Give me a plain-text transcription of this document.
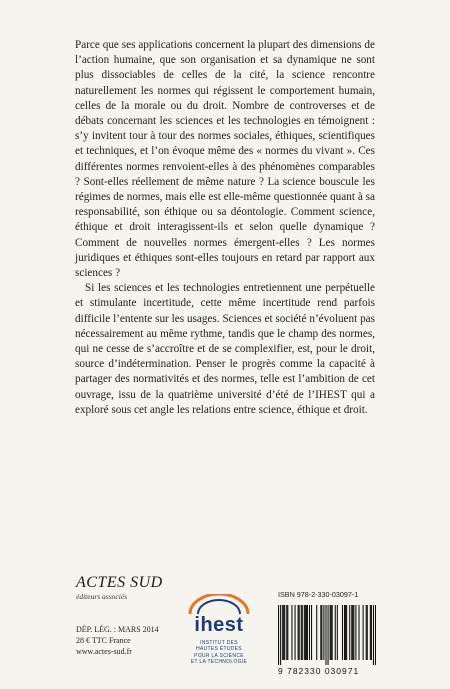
Parce que ses applications concernent la plupart des dimensions de l’action humaine, que son organisation et sa dynamique ne sont plus dissociables de celles de la cité, la science rencontre naturellement les normes qui régissent le comportement humain, celles de la morale ou du droit. Nombre de controverses et de débats concernant les sciences et les technologies en témoignent : s’y invitent tour à tour des normes sociales, éthiques, scientifiques et techniques, et l’on évoque même des « normes du vivant ». Ces différentes normes renvoient-elles à des phénomènes comparables ? Sont-elles réellement de même nature ? La science bouscule les régimes de normes, mais elle est elle-même questionnée quant à sa responsabilité, son éthique ou sa déontologie. Comment science, éthique et droit interagissent-ils et selon quelle dynamique ? Comment de nouvelles normes émergent-elles ? Les normes juridiques et éthiques sont-elles toujours en retard par rapport aux sciences ?

Si les sciences et les technologies entretiennent une perpétuelle et stimulante incertitude, cette même incertitude rend parfois difficile l’entente sur les usages. Sciences et société n’évoluent pas nécessairement au même rythme, tandis que le champ des normes, qui ne cesse de s’accroître et de se complexifier, est, pour le droit, source d’indétermination. Penser le progrès comme la capacité à partager des normativités et des normes, telle est l’ambition de cet ouvrage, issu de la quatrième université d’été de l’IHEST qui a exploré sous cet angle les relations entre science, éthique et droit.

ACTES SUD
éditeurs associés
DÉP. LÉG. : MARS 2014
28 € TTC France
www.actes-sud.fr
ihest
INSTITUT DES
HAUTES ÉTUDES
POUR LA SCIENCE
ET LA TECHNOLOGIE
ISBN 978-2-330-03097-1
9 782330 030971
